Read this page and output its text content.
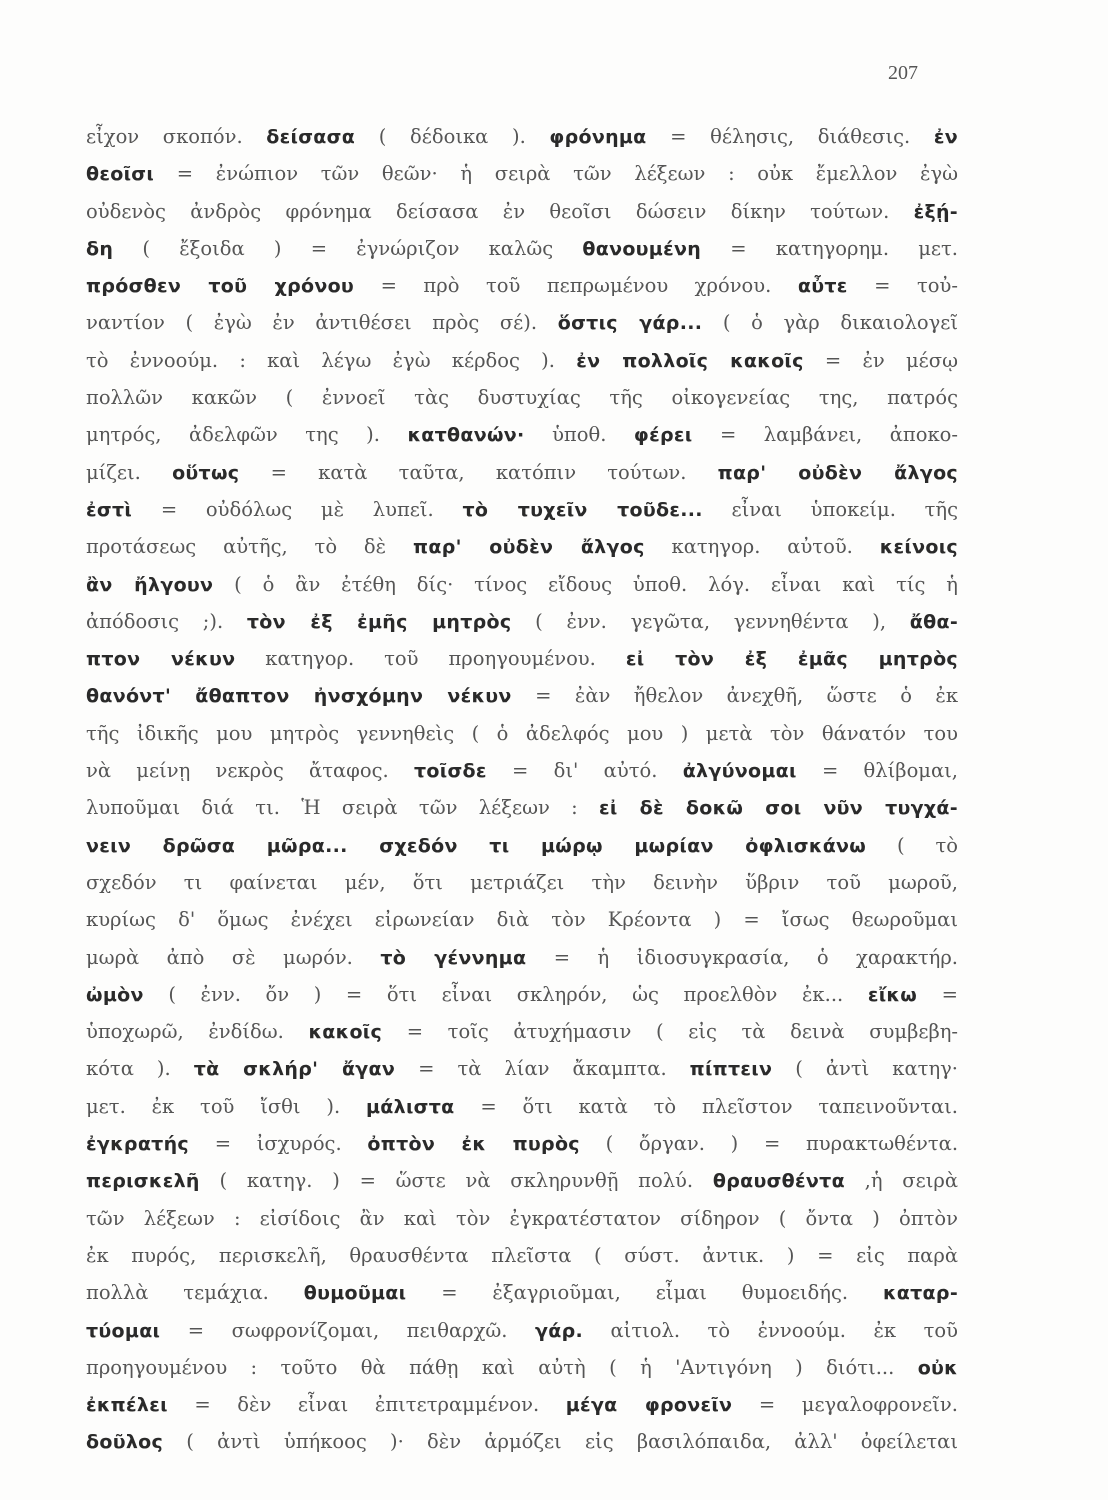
207
εἶχον σκοπόν. δείσασα ( δέδοικα ). φρόνημα = θέλησις, διάθεσις. ἐν
θεοῖσι = ἐνώπιον τῶν θεῶν· ἡ σειρὰ τῶν λέξεων : οὐκ ἔμελλον ἐγὼ
οὐδενὸς ἀνδρὸς φρόνημα δείσασα ἐν θεοῖσι δώσειν δίκην τούτων. ἐξῄ-
δη ( ἔξοιδα ) = ἐγνώριζον καλῶς θανουμένη = κατηγορημ. μετ.
πρόσθεν τοῦ χρόνου = πρὸ τοῦ πεπρωμένου χρόνου. αὖτε = τοὐ-
ναντίον ( ἐγὼ ἐν ἀντιθέσει πρὸς σέ). ὅστις γάρ... ( ὁ γὰρ δικαιολογεῖ
τὸ ἐννοούμ. : καὶ λέγω ἐγὼ κέρδος ). ἐν πολλοῖς κακοῖς = ἐν μέσῳ
πολλῶν κακῶν ( ἐννοεῖ τὰς δυστυχίας τῆς οἰκογενείας της, πατρός
μητρός, ἀδελφῶν της ). κατθανών· ὑποθ. φέρει = λαμβάνει, ἀποκο-
μίζει. οὕτως = κατὰ ταῦτα, κατόπιν τούτων. παρ' οὐδὲν ἄλγος
ἐστὶ = οὐδόλως μὲ λυπεῖ. τὸ τυχεῖν τοῦδε... εἶναι ὑποκείμ. τῆς
προτάσεως αὐτῆς, τὸ δὲ παρ' οὐδὲν ἄλγος κατηγορ. αὐτοῦ. κείνοις
ἂν ἤλγουν ( ὁ ἂν ἐτέθη δίς· τίνος εἴδους ὑποθ. λόγ. εἶναι καὶ τίς ἡ
ἀπόδοσις ;). τὸν ἐξ ἐμῆς μητρὸς ( ἐνν. γεγῶτα, γεννηθέντα ), ἄθα-
πτον νέκυν κατηγορ. τοῦ προηγουμένου. εἰ τὸν ἐξ ἐμᾶς μητρὸς
θανόντ' ἄθαπτον ἠνσχόμην νέκυν = ἐὰν ἤθελον ἀνεχθῆ, ὥστε ὁ ἐκ
τῆς ἰδικῆς μου μητρὸς γεννηθεὶς ( ὁ ἀδελφός μου ) μετὰ τὸν θάνατόν του
νὰ μείνῃ νεκρὸς ἄταφος. τοῖσδε = δι' αὐτό. ἀλγύνομαι = θλίβομαι,
λυποῦμαι διά τι. Ἡ σειρὰ τῶν λέξεων : εἰ δὲ δοκῶ σοι νῦν τυγχά-
νειν δρῶσα μῶρα... σχεδόν τι μώρῳ μωρίαν ὀφλισκάνω ( τὸ
σχεδόν τι φαίνεται μέν, ὅτι μετριάζει τὴν δεινὴν ὕβριν τοῦ μωροῦ,
κυρίως δ' ὅμως ἐνέχει εἰρωνείαν διὰ τὸν Κρέοντα ) = ἴσως θεωροῦμαι
μωρὰ ἀπὸ σὲ μωρόν. τὸ γέννημα = ἡ ἰδιοσυγκρασία, ὁ χαρακτήρ.
ὠμὸν ( ἐνν. ὄν ) = ὅτι εἶναι σκληρόν, ὡς προελθὸν ἐκ... εἴκω =
ὑποχωρῶ, ἐνδίδω. κακοῖς = τοῖς ἀτυχήμασιν ( εἰς τὰ δεινὰ συμβεβη-
κότα ). τὰ σκλήρ' ἄγαν = τὰ λίαν ἄκαμπτα. πίπτειν ( ἀντὶ κατηγ·
μετ. ἐκ τοῦ ἴσθι ). μάλιστα = ὅτι κατὰ τὸ πλεῖστον ταπεινοῦνται.
ἐγκρατής = ἰσχυρός. ὀπτὸν ἐκ πυρὸς ( ὄργαν. ) = πυρακτωθέντα.
περισκελῆ ( κατηγ. ) = ὥστε νὰ σκληρυνθῇ πολύ. θραυσθέντα ,ἡ σειρὰ
τῶν λέξεων : εἰσίδοις ἂν καὶ τὸν ἐγκρατέστατον σίδηρον ( ὄντα ) ὀπτὸν
ἐκ πυρός, περισκελῆ, θραυσθέντα πλεῖστα ( σύστ. ἀντικ. ) = εἰς παρὰ
πολλὰ τεμάχια. θυμοῦμαι = ἐξαγριοῦμαι, εἶμαι θυμοειδής. καταρ-
τύομαι = σωφρονίζομαι, πειθαρχῶ. γάρ. αἰτιολ. τὸ ἐννοούμ. ἐκ τοῦ
προηγουμένου : τοῦτο θὰ πάθῃ καὶ αὐτὴ ( ἡ 'Αντιγόνη ) διότι... οὐκ
ἐκπέλει = δὲν εἶναι ἐπιτετραμμένον. μέγα φρονεῖν = μεγαλοφρονεῖν.
δοῦλος ( ἀντὶ ὑπήκοος )· δὲν ἁρμόζει εἰς βασιλόπαιδα, ἀλλ' ὀφείλεται
